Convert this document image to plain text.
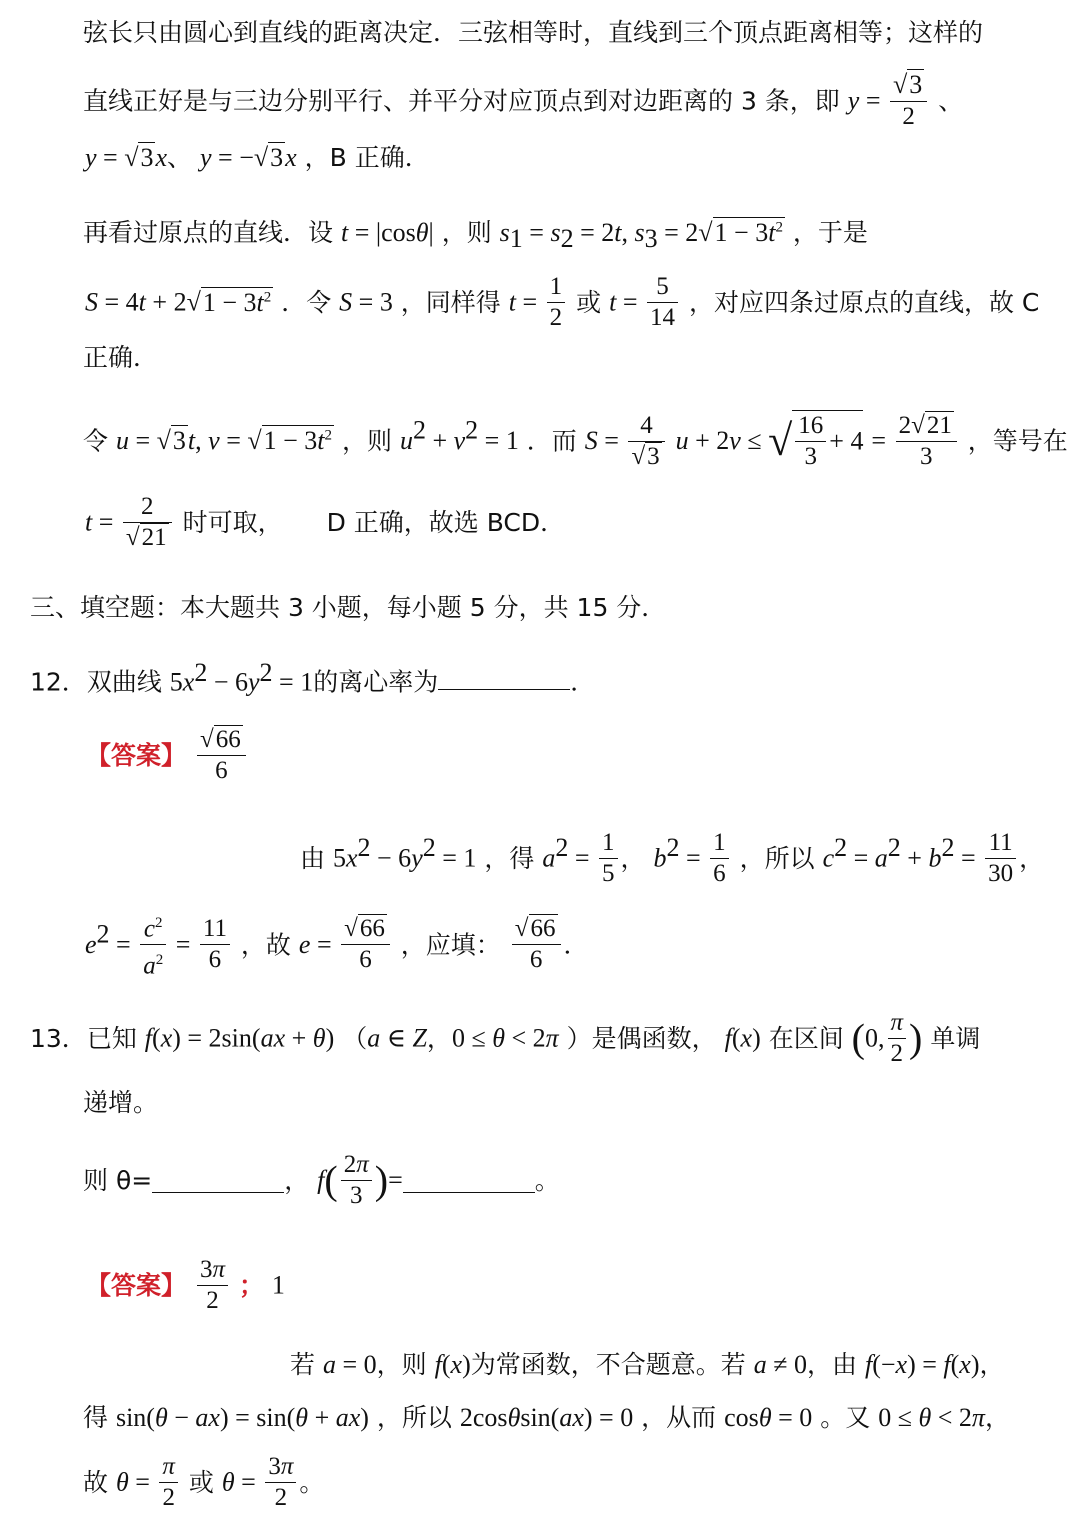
弦长只由圆心到直线的距离决定．三弦相等时，直线到三个顶点距离相等；这样的
直线正好是与三边分别平行、并平分对应顶点到对边距离的 3 条，即 $y = \frac{√3}{2}$ 、
y = √3x、 y = −√3x ，B 正确．
再看过原点的直线．设 t = |cosθ| ，则 $s_1 = s_2 = 2t$, $s_3 = 2√1 - 3t^2$ ，于是
$S = 4t + 2√1 - 3t^2$ ．令 S = 3 ，同样得 $t = \frac{1}{2}$ 或 $t = \frac{5}{14}$ ，对应四条过原点的直线，故 C
正确．
令 u = √3t, $v = √1 - 3t^2$ ，则 $u^2 + v^2 = 1$ ．而 $S = \frac{4}{√3}$ u + 2v ≤ √ $\frac{16}{3} + 4 = \frac{2√21}{3}$ ，等号在
$t = \frac{2}{√21}$ 时可取， D 正确，故选 BCD．
三、填空题：本大题共 3 小题，每小题 5 分，共 15 分．
12．双曲线 $5x^2 - 6y^2 = 1$的离心率为	．
【答案】 $\frac{√66}{6}$
由 $5x^2 - 6y^2 = 1$ ，得 $a^2 = \frac{1}{5}$ ， $b^2 = \frac{1}{6}$ ，所以 $c^2 = a^2 + b^2 = \frac{11}{30}$ ，
$e^2 = \frac{c^2}{a^2} = \frac{11}{6}$ ，故 $e = \frac{√66}{6}$ ，应填： $\frac{√66}{6}$ ．
13．已知 f(x) = 2sin(ax + θ) （a ∈ Z，0 ≤ θ < 2π ）是偶函数， f(x) 在区间 (0, $\frac{\pi}{2}$ ) 单调
递增。
则 θ=	， $f( \frac{2\pi}{3}$ )=	。
【答案】 $\frac{3\pi}{2}$ ； 1
若 a = 0，则 f(x)为常函数，不合题意。若 a ≠ 0，由 f(−x) = f(x)，
得 sin(θ − ax) = sin(θ + ax) ，所以 2cosθsin(ax) = 0 ，从而 cosθ = 0 。又 0 ≤ θ < 2π，
故 $\theta = \frac{\pi}{2}$ 或 $\theta = \frac{3\pi}{2}$ 。
